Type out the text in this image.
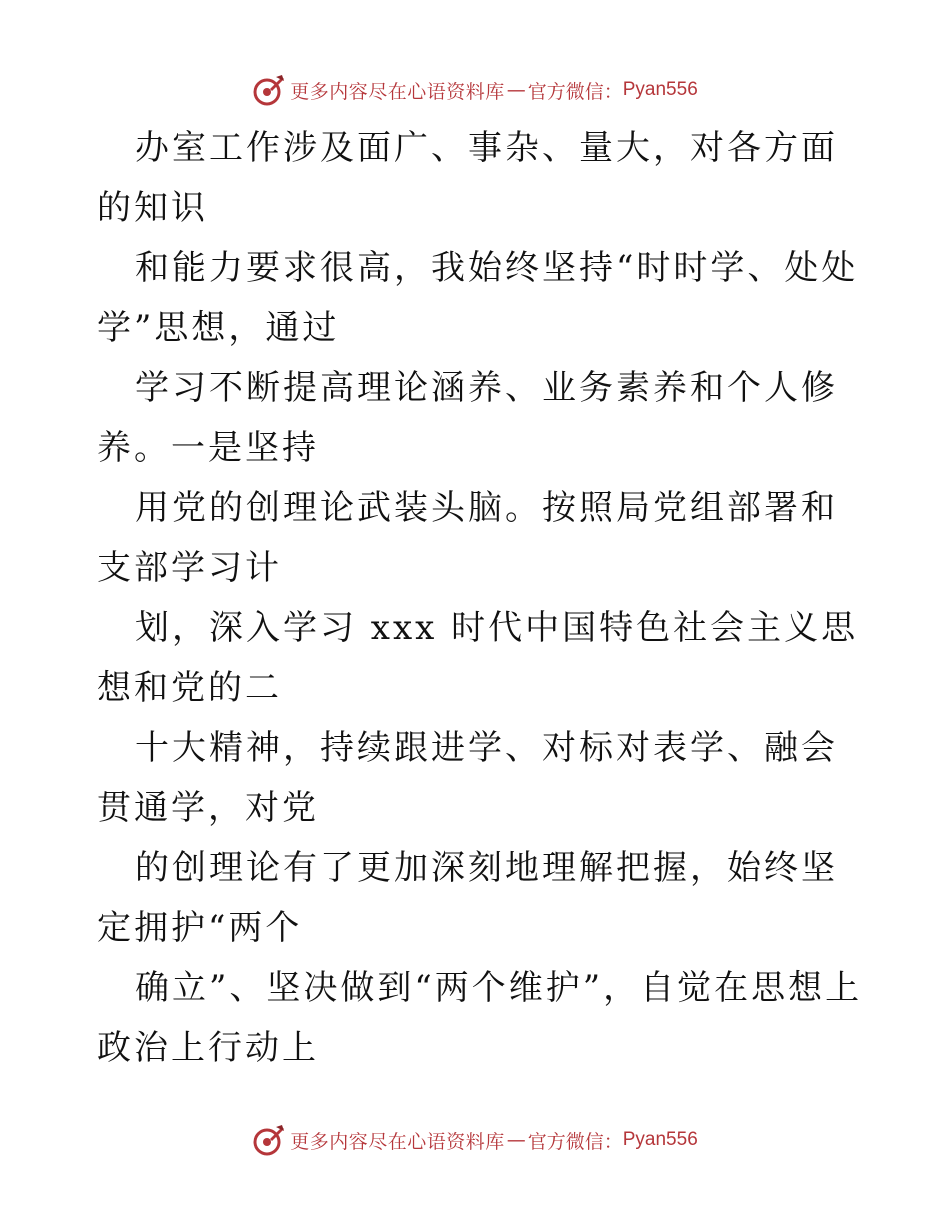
更多内容尽在心语资料库 — 官方微信： Pyan556

办室工作涉及面广、事杂、量大，对各方面的知识

和能力要求很高，我始终坚持“时时学、处处学”思想，通过

学习不断提高理论涵养、业务素养和个人修养。一是坚持

用党的创理论武装头脑。按照局党组部署和支部学习计

划，深入学习 xxx 时代中国特色社会主义思想和党的二

十大精神，持续跟进学、对标对表学、融会贯通学，对党

的创理论有了更加深刻地理解把握，始终坚定拥护“两个

确立”、坚决做到“两个维护”，自觉在思想上政治上行动上

更多内容尽在心语资料库 — 官方微信： Pyan556
